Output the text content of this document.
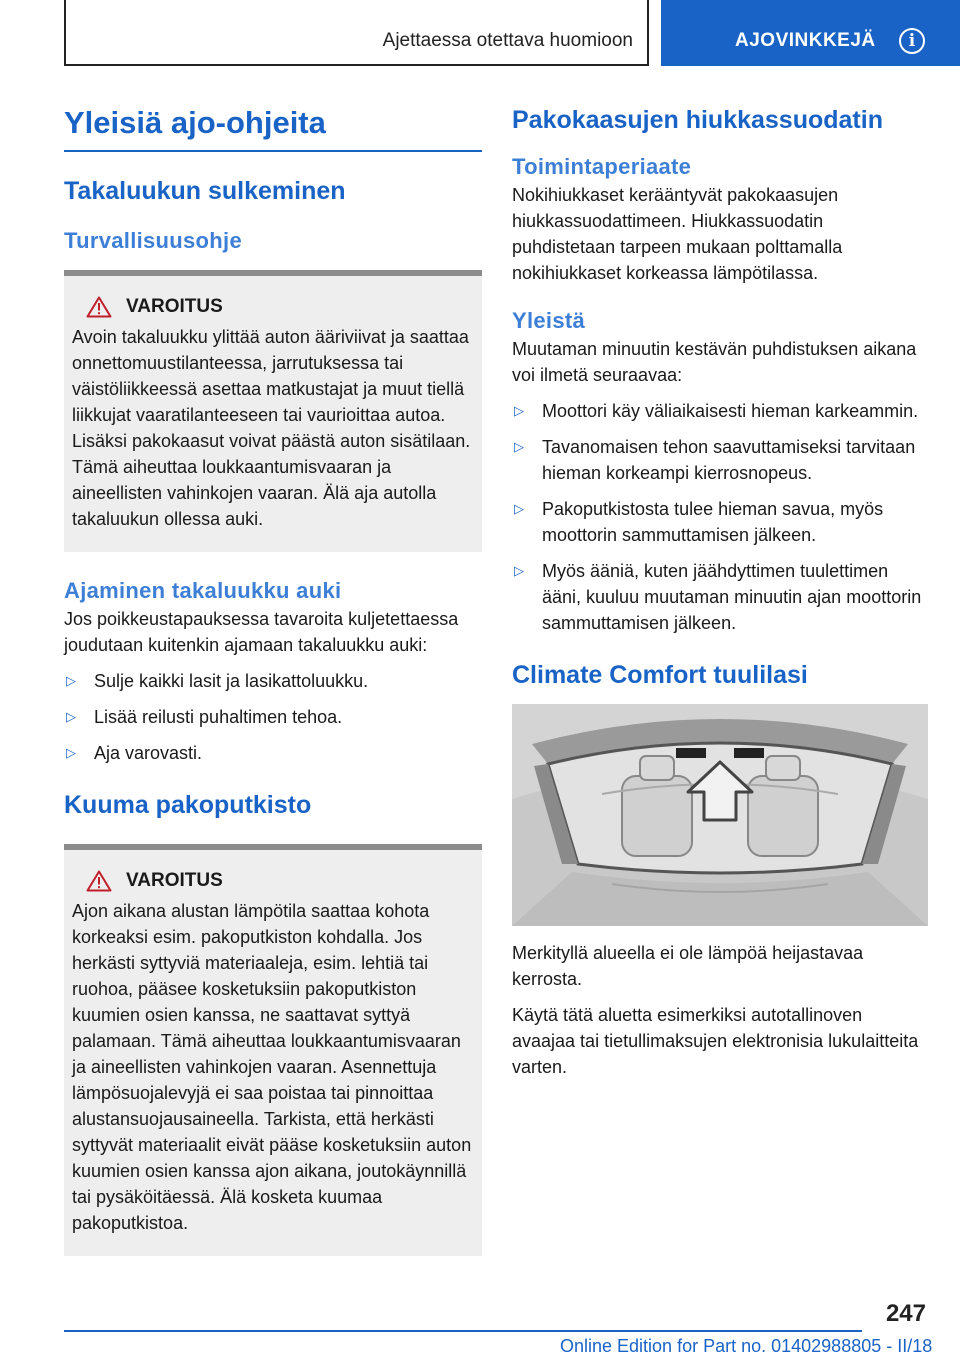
Ajettaessa otettava huomioon	AJOVINKKEJÄ	i
Yleisiä ajo-ohjeita
Takaluukun sulkeminen
Turvallisuusohje
VAROITUS

Avoin takaluukku ylittää auton ääriviivat ja saattaa onnettomuustilanteessa, jarrutuksessa tai väistöliikkeessä asettaa matkustajat ja muut tiellä liikkujat vaaratilanteeseen tai vaurioittaa autoa. Lisäksi pakokaasut voivat päästä auton sisätilaan. Tämä aiheuttaa loukkaantumisvaaran ja aineellisten vahinkojen vaaran. Älä aja autolla takaluukun ollessa auki.

Ajaminen takaluukku auki

Jos poikkeustapauksessa tavaroita kuljetettaessa joudutaan kuitenkin ajamaan takaluukku auki:

▷	Sulje kaikki lasit ja lasikattoluukku.
▷	Lisää reilusti puhaltimen tehoa.
▷	Aja varovasti.
Kuuma pakoputkisto
VAROITUS

Ajon aikana alustan lämpötila saattaa kohota korkeaksi esim. pakoputkiston kohdalla. Jos herkästi syttyviä materiaaleja, esim. lehtiä tai ruohoa, pääsee kosketuksiin pakoputkiston kuumien osien kanssa, ne saattavat syttyä palamaan. Tämä aiheuttaa loukkaantumisvaaran ja aineellisten vahinkojen vaaran. Asennettuja lämpösuojalevyjä ei saa poistaa tai pinnoittaa alustansuojausaineella. Tarkista, että herkästi syttyvät materiaalit eivät pääse kosketuksiin auton kuumien osien kanssa ajon aikana, joutokäynnillä tai pysäköitäessä. Älä kosketa kuumaa pakoputkistoa.

Pakokaasujen hiukkassuodatin
Toimintaperiaate

Nokihiukkaset kerääntyvät pakokaasujen hiukkassuodattimeen. Hiukkassuodatin puhdistetaan tarpeen mukaan polttamalla nokihiukkaset korkeassa lämpötilassa.

Yleistä

Muutaman minuutin kestävän puhdistuksen aikana voi ilmetä seuraavaa:

▷	Moottori käy väliaikaisesti hieman karkeammin.
▷	Tavanomaisen tehon saavuttamiseksi tarvitaan hieman korkeampi kierrosnopeus.
▷	Pakoputkistosta tulee hieman savua, myös moottorin sammuttamisen jälkeen.
▷	Myös ääniä, kuten jäähdyttimen tuulettimen ääni, kuuluu muutaman minuutin ajan moottorin sammuttamisen jälkeen.
Climate Comfort tuulilasi

Merkityllä alueella ei ole lämpöä heijastavaa kerrosta.

Käytä tätä aluetta esimerkiksi autotallinoven avaajaa tai tietullimaksujen elektronisia lukulaitteita varten.

247
Online Edition for Part no. 01402988805 - II/18
